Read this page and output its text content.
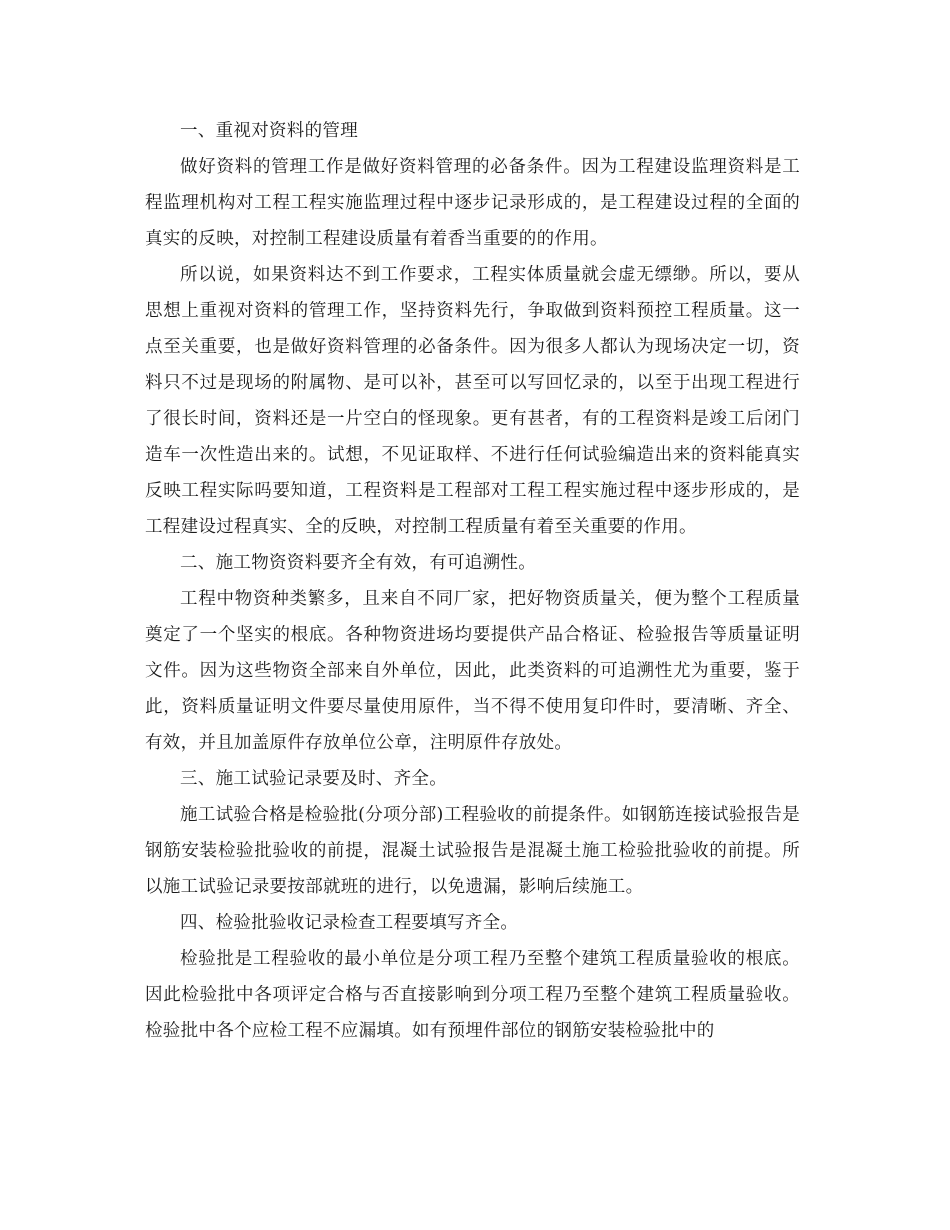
一、重视对资料的管理

做好资料的管理工作是做好资料管理的必备条件。因为工程建设监理资料是工程监理机构对工程工程实施监理过程中逐步记录形成的，是工程建设过程的全面的真实的反映，对控制工程建设质量有着香当重要的的作用。

所以说，如果资料达不到工作要求，工程实体质量就会虚无缥缈。所以，要从思想上重视对资料的管理工作，坚持资料先行，争取做到资料预控工程质量。这一点至关重要，也是做好资料管理的必备条件。因为很多人都认为现场决定一切，资料只不过是现场的附属物、是可以补，甚至可以写回忆录的，以至于出现工程进行了很长时间，资料还是一片空白的怪现象。更有甚者，有的工程资料是竣工后闭门造车一次性造出来的。试想，不见证取样、不进行任何试验编造出来的资料能真实反映工程实际吗要知道，工程资料是工程部对工程工程实施过程中逐步形成的，是工程建设过程真实、全的反映，对控制工程质量有着至关重要的作用。

二、施工物资资料要齐全有效，有可追溯性。

工程中物资种类繁多，且来自不同厂家，把好物资质量关，便为整个工程质量奠定了一个坚实的根底。各种物资进场均要提供产品合格证、检验报告等质量证明文件。因为这些物资全部来自外单位，因此，此类资料的可追溯性尤为重要，鉴于此，资料质量证明文件要尽量使用原件，当不得不使用复印件时，要清晰、齐全、有效，并且加盖原件存放单位公章，注明原件存放处。

三、施工试验记录要及时、齐全。

施工试验合格是检验批(分项分部)工程验收的前提条件。如钢筋连接试验报告是钢筋安装检验批验收的前提，混凝土试验报告是混凝土施工检验批验收的前提。所以施工试验记录要按部就班的进行，以免遗漏，影响后续施工。

四、检验批验收记录检查工程要填写齐全。

检验批是工程验收的最小单位是分项工程乃至整个建筑工程质量验收的根底。因此检验批中各项评定合格与否直接影响到分项工程乃至整个建筑工程质量验收。检验批中各个应检工程不应漏填。如有预埋件部位的钢筋安装检验批中的
